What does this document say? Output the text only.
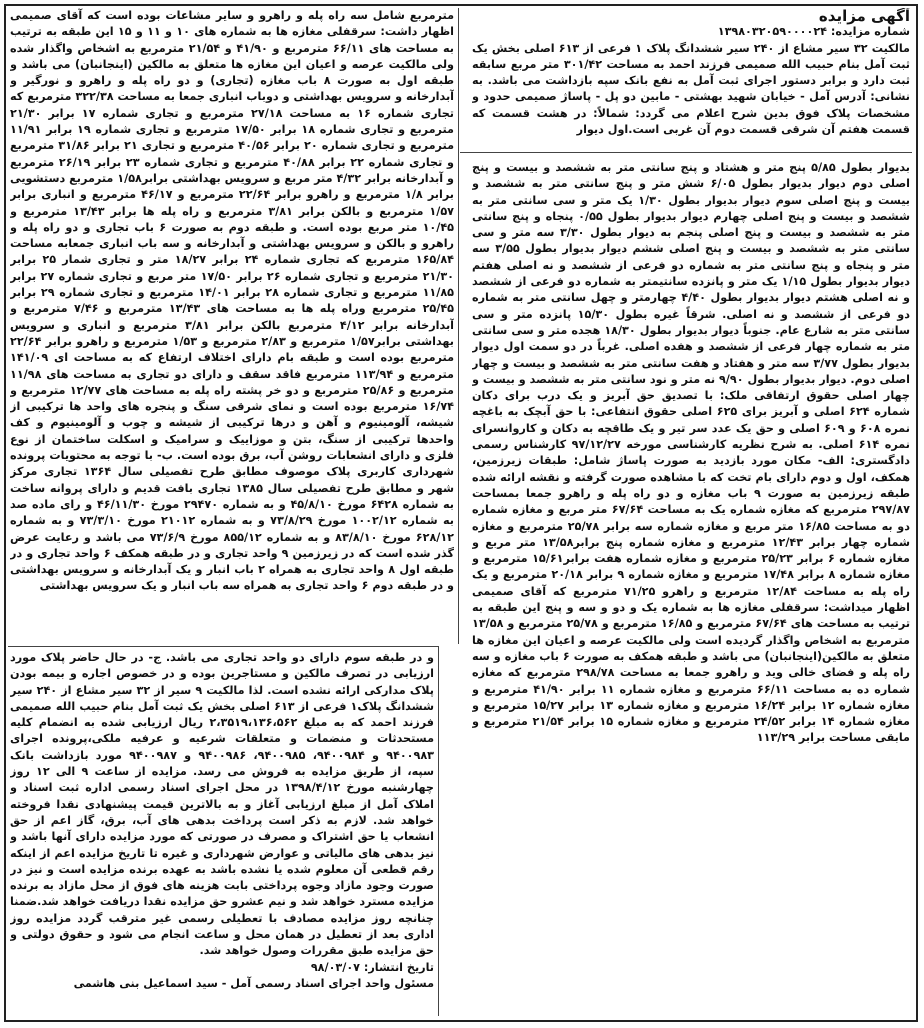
آگهی مزایده

شماره مزایده: ۱۳۹۸۰۳۲۰۵۹۰۰۰۰۲۴

مالکیت ۳۲ سیر مشاع از ۲۴۰ سیر ششدانگ پلاک ۱ فرعی از ۶۱۳ اصلی بخش یک ثبت آمل بنام حبیب الله صمیمی فرزند احمد به مساحت ۳۰۱/۴۲ متر مربع سابقه ثبت دارد و برابر دستور اجرای ثبت آمل به نفع بانک سپه بازداشت می باشد. به نشانی: آدرس آمل - خیابان شهید بهشتی - مابین دو پل - پاساژ صمیمی حدود و مشخصات پلاک فوق بدین شرح اعلام می گردد: شمالاً: در هشت قسمت که قسمت هفتم آن شرقی قسمت دوم آن غربی است.اول دیوار

بدیوار بطول ۵/۸۵ پنج متر و هشتاد و پنج سانتی متر به ششصد و بیست و پنج اصلی دوم دیوار بدیوار بطول ۶/۰۵ شش متر و پنج سانتی متر به ششصد و بیست و پنج اصلی سوم دیوار بدیوار بطول ۱/۳۰ یک متر و سی سانتی متر به ششصد و بیست و پنج اصلی چهارم دیوار بدیوار بطول ۰/۵۵ پنجاه و پنج سانتی متر به ششصد و بیست و پنج اصلی پنجم به دیوار بطول ۳/۳۰ سه متر و سی سانتی متر به ششصد و بیست و پنج اصلی ششم دیوار بدیوار بطول ۳/۵۵ سه متر و پنجاه و پنج سانتی متر به شماره دو فرعی از ششصد و نه اصلی هفتم دیوار بدیوار بطول ۱/۱۵ یک متر و پانزده سانتیمتر به شماره دو فرعی از ششصد و نه اصلی هشتم دیوار بدیوار بطول ۴/۴۰ چهارمتر و چهل سانتی متر به شماره دو فرعی از ششصد و نه اصلی. شرقاً غیره بطول ۱۵/۳۰ پانزده متر و سی سانتی متر به شارع عام. جنوباً دیوار بدیوار بطول ۱۸/۳۰ هجده متر و سی سانتی متر به شماره چهار فرعی از ششصد و هفده اصلی. غرباً در دو سمت اول دیوار بدیوار بطول ۳/۷۷ سه متر و هفتاد و هفت سانتی متر به ششصد و بیست و چهار اصلی دوم. دیوار بدیوار بطول ۹/۹۰ نه متر و نود سانتی متر به ششصد و بیست و چهار اصلی حقوق ارتفاقی ملک: با تصدیق حق آبریز و یک درب برای دکان شماره ۶۲۴ اصلی و آبریز برای ۶۲۵ اصلی حقوق انتفاعی: با حق آبچک به باغچه نمره ۶۰۸ و ۶۰۹ اصلی و حق یک عدد سر تیر و یک طاقچه به دکان و کاروانسرای نمره ۶۱۴ اصلی. به شرح نظریه کارشناسی مورخه ۹۷/۱۲/۲۷ کارشناس رسمی دادگستری: الف- مکان مورد بازدید به صورت پاساژ شامل: طبقات زیرزمین، همکف، اول و دوم دارای بام تخت که با مشاهده صورت گرفته و نقشه ارائه شده طبقه زیرزمین به صورت ۹ باب مغازه و دو راه پله و راهرو جمعا بمساحت ۲۹۷/۸۷ مترمربع که مغازه شماره یک به مساحت ۶۷/۶۴ متر مربع و مغازه شماره دو به مساحت ۱۶/۸۵ متر مربع و مغازه شماره سه برابر ۲۵/۷۸ مترمربع و مغازه شماره چهار برابر ۱۲/۴۳ مترمربع و مغازه شماره پنج برابر۱۳/۵۸ متر مربع و مغازه شماره ۶ برابر ۲۵/۲۳ مترمربع و مغازه شماره هفت برابر۱۵/۶۱ مترمربع و مغازه شماره ۸ برابر ۱۷/۴۸ مترمربع و مغازه شماره ۹ برابر ۲۰/۱۸ مترمربع و یک راه پله به مساحت ۱۲/۸۴ مترمربع و راهرو ۷۱/۲۵ مترمربع که آقای صمیمی اظهار میداشت: سرقفلی مغازه ها به شماره یک و دو و سه و پنج این طبقه به ترتیب به مساحت های ۶۷/۶۴ مترمربع و ۱۶/۸۵ مترمربع و ۲۵/۷۸ مترمربع و ۱۳/۵۸ مترمربع به اشخاص واگذار گردیده است ولی مالکیت عرصه و اعیان این مغازه ها متعلق به مالکین(اینجانبان) می باشد و طبقه همکف به صورت ۶ باب مغازه و سه راه پله و فضای خالی وید و راهرو جمعا به مساحت ۲۹۸/۷۸ مترمربع که مغازه شماره ده به مساحت ۶۶/۱۱ مترمربع و مغازه شماره ۱۱ برابر ۴۱/۹۰ مترمربع و مغازه شماره ۱۲ برابر ۱۶/۲۴ مترمربع و مغازه شماره ۱۳ برابر ۱۵/۲۷ مترمربع و مغازه شماره ۱۴ برابر ۲۴/۵۲ مترمربع و مغازه شماره ۱۵ برابر ۲۱/۵۴ مترمربع و مابقی مساحت برابر ۱۱۳/۲۹

مترمربع شامل سه راه پله و راهرو و سایر مشاعات بوده است که آقای صمیمی اظهار داشت: سرقفلی مغازه ها به شماره های ۱۰ و ۱۱ و ۱۵ این طبقه به ترتیب به مساحت های ۶۶/۱۱ مترمربع و ۴۱/۹۰ و ۲۱/۵۴ مترمربع به اشخاص واگذار شده ولی مالکیت عرصه و اعیان این مغازه ها متعلق به مالکین (اینجانبان) می باشد و طبقه اول به صورت ۸ باب مغازه (تجاری) و دو راه پله و راهرو و نورگیر و آبدارخانه و سرویس بهداشتی و دوباب انباری جمعا به مساحت ۳۲۲/۳۸ مترمربع که تجاری شماره ۱۶ به مساحت ۲۷/۱۸ مترمربع و تجاری شماره ۱۷ برابر ۲۱/۳۰ مترمربع و تجاری شماره ۱۸ برابر ۱۷/۵۰ مترمربع و تجاری شماره ۱۹ برابر ۱۱/۹۱ مترمربع و تجاری شماره ۲۰ برابر ۴۰/۵۶ مترمربع و تجاری ۲۱ برابر ۳۱/۸۶ مترمربع و تجاری شماره ۲۲ برابر ۴۰/۸۸ مترمربع و تجاری شماره ۲۳ برابر ۲۶/۱۹ مترمربع و آبدارخانه برابر ۴/۳۲ متر مربع و سرویس بهداشتی برابر۱/۵۸ مترمربع دستشویی برابر ۱/۸ مترمربع و راهرو برابر ۲۲/۶۴ مترمربع و ۴۶/۱۷ مترمربع و انباری برابر ۱/۵۷ مترمربع و بالکن برابر ۳/۸۱ مترمربع و راه پله ها برابر ۱۳/۴۳ مترمربع و ۱۰/۴۵ متر مربع بوده است. و طبقه دوم به صورت ۶ باب تجاری و دو راه پله و راهرو و بالکن و سرویس بهداشتی و آبدارخانه و سه باب انباری جمعابه مساحت ۱۶۵/۸۴ مترمربع که تجاری شماره ۲۴ برابر ۱۸/۲۷ متر و تجاری شمار ۲۵ برابر ۲۱/۳۰ مترمربع و تجاری شماره ۲۶ برابر ۱۷/۵۰ متر مربع و تجاری شماره ۲۷ برابر ۱۱/۸۵ مترمربع و تجاری شماره ۲۸ برابر ۱۴/۰۱ مترمربع و تجاری شماره ۲۹ برابر ۲۵/۴۵ مترمربع وراه پله ها به مساحت های ۱۳/۴۳ مترمربع و ۷/۴۶ مترمربع و آبدارخانه برابر ۴/۱۲ مترمربع بالکن برابر ۳/۸۱ مترمربع و انباری و سرویس بهداشتی برابر۱/۵۷ مترمربع و ۲/۸۳ مترمربع و ۱/۵۳ مترمربع و راهرو برابر ۲۲/۶۴ مترمربع بوده است و طبقه بام دارای اختلاف ارتفاع که به مساحت ای ۱۴۱/۰۹ مترمربع و ۱۱۳/۹۴ مترمربع فاقد سقف و دارای دو تجاری به مساحت های ۱۱/۹۸ مترمربع و ۲۵/۸۶ مترمربع و دو خر پشته راه پله به مساحت های ۱۲/۷۷ مترمربع و ۱۶/۷۴ مترمربع بوده است و نمای شرقی سنگ و پنجره های واحد ها ترکیبی از شیشه، آلومینیوم و آهن و درها ترکیبی از شیشه و چوب و آلومینیوم و کف واحدها ترکیبی از سنگ، بتن و موزاییک و سرامیک و اسکلت ساختمان از نوع فلزی و دارای انشعابات روشن آب، برق بوده است. ب- با توجه به محتویات پرونده شهرداری کاربری پلاک موصوف مطابق طرح تفصیلی سال ۱۳۶۴ تجاری مرکز شهر و مطابق طرح تفصیلی سال ۱۳۸۵ تجاری بافت قدیم و دارای پروانه ساخت به شماره ۶۴۲۸ مورخ ۴۵/۸/۱۰ و به شماره ۲۹۴۷۰ مورخ ۴۶/۱۱/۳۰ و رای ماده صد به شماره ۱۰۰۲/۱۲ مورخ ۷۳/۸/۲۹ و به شماره ۲۱۰۱۲ مورخ ۷۳/۳/۱۰ و به شماره ۶۲۸/۱۲ مورخ ۸۳/۸/۱۰ و به شماره ۸۵۵/۱۲ مورخ ۷۳/۶/۹ می باشد و رعایت عرض گذر شده است که در زیرزمین ۹ واحد تجاری و در طبقه همکف ۶ واحد تجاری و در طبقه اول ۸ واحد تجاری به همراه ۲ باب انبار و یک آبدارخانه و سرویس بهداشتی و در طبقه دوم ۶ واحد تجاری به همراه سه باب انبار و یک سرویس بهداشتی

و در طبقه سوم دارای دو واحد تجاری می باشد. ج- در حال حاضر پلاک مورد ارزیابی در تصرف مالکین و مستاجرین بوده و در خصوص اجاره و بیمه بودن پلاک مدارکی ارائه نشده است. لذا مالکیت ۹ سیر از ۳۲ سیر مشاع از ۲۴۰ سیر ششدانگ پلاک۱ فرعی از ۶۱۳ اصلی بخش یک ثبت آمل بنام حبیب الله صمیمی فرزند احمد که به مبلغ ۲،۳۵۱۹،۱۳۶،۵۶۲ ریال ارزیابی شده به انضمام کلیه مستحدثات و منضمات و متعلقات شرعیه و عرفیه ملکی،پرونده اجرای ۹۴۰۰۹۸۳ و ۹۴۰۰۹۸۴، ۹۴۰۰۹۸۵، ۹۴۰۰۹۸۶ و ۹۴۰۰۹۸۷ مورد بازداشت بانک سپه، از طریق مزایده به فروش می رسد. مزایده از ساعت ۹ الی ۱۲ روز چهارشنبه مورخ ۱۳۹۸/۴/۱۲ در محل اجرای اسناد رسمی اداره ثبت اسناد و املاک آمل از مبلغ ارزیابی آغاز و به بالاترین قیمت پیشنهادی نقدا فروخته خواهد شد. لازم به ذکر است پرداخت بدهی های آب، برق، گاز اعم از حق انشعاب یا حق اشتراک و مصرف در صورتی که مورد مزایده دارای آنها باشد و نیز بدهی های مالیاتی و عوارض شهرداری و غیره تا تاریخ مزایده اعم از اینکه رقم قطعی آن معلوم شده یا نشده باشد به عهده برنده مزایده است و نیز در صورت وجود مازاد وجوه پرداختی بابت هزینه های فوق از محل مازاد به برنده مزایده مسترد خواهد شد و نیم عشرو حق مزایده نقدا دریافت خواهد شد.ضمنا چنانچه روز مزایده مصادف با تعطیلی رسمی غیر مترقب گردد مزایده روز اداری بعد از تعطیل در همان محل و ساعت انجام می شود و حقوق دولتی و حق مزایده طبق مقررات وصول خواهد شد.

تاریخ انتشار: ۹۸/۰۳/۰۷

مسئول واحد اجرای اسناد رسمی آمل - سید اسماعیل بنی هاشمی
